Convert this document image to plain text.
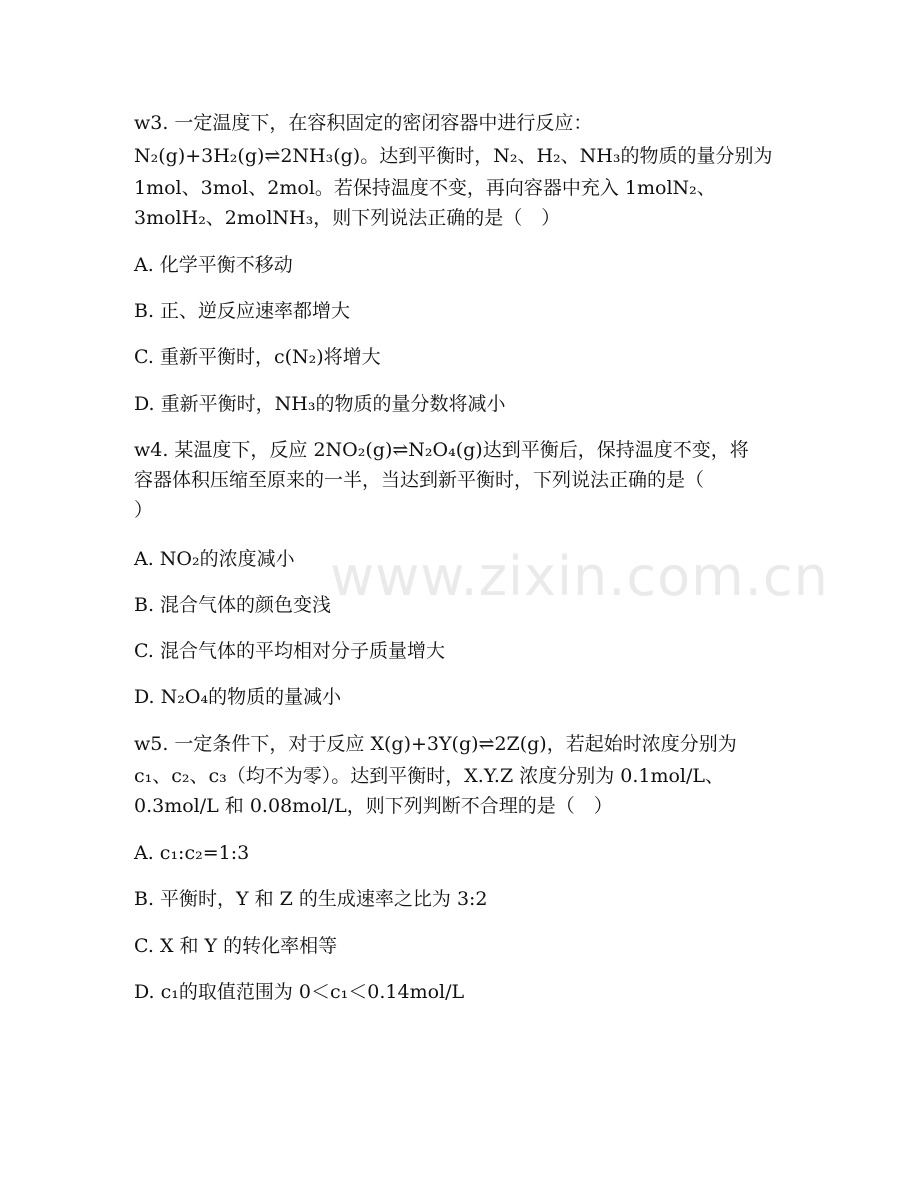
www.zixin.com.cn
w3. 一定温度下，在容积固定的密闭容器中进行反应：
N₂(g)+3H₂(g)⇌2NH₃(g)。达到平衡时，N₂、H₂、NH₃的物质的量分别为
1mol、3mol、2mol。若保持温度不变，再向容器中充入 1molN₂、
3molH₂、2molNH₃，则下列说法正确的是（　）
A. 化学平衡不移动
B. 正、逆反应速率都增大
C. 重新平衡时，c(N₂)将增大
D. 重新平衡时，NH₃的物质的量分数将减小
w4. 某温度下，反应 2NO₂(g)⇌N₂O₄(g)达到平衡后，保持温度不变，将
容器体积压缩至原来的一半，当达到新平衡时，下列说法正确的是（
）
A. NO₂的浓度减小
B. 混合气体的颜色变浅
C. 混合气体的平均相对分子质量增大
D. N₂O₄的物质的量减小
w5. 一定条件下，对于反应 X(g)+3Y(g)⇌2Z(g)，若起始时浓度分别为
c₁、c₂、c₃（均不为零）。达到平衡时，X.Y.Z 浓度分别为 0.1mol/L、
0.3mol/L 和 0.08mol/L，则下列判断不合理的是（　）
A. c₁:c₂=1:3
B. 平衡时，Y 和 Z 的生成速率之比为 3:2
C. X 和 Y 的转化率相等
D. c₁的取值范围为 0＜c₁＜0.14mol/L
